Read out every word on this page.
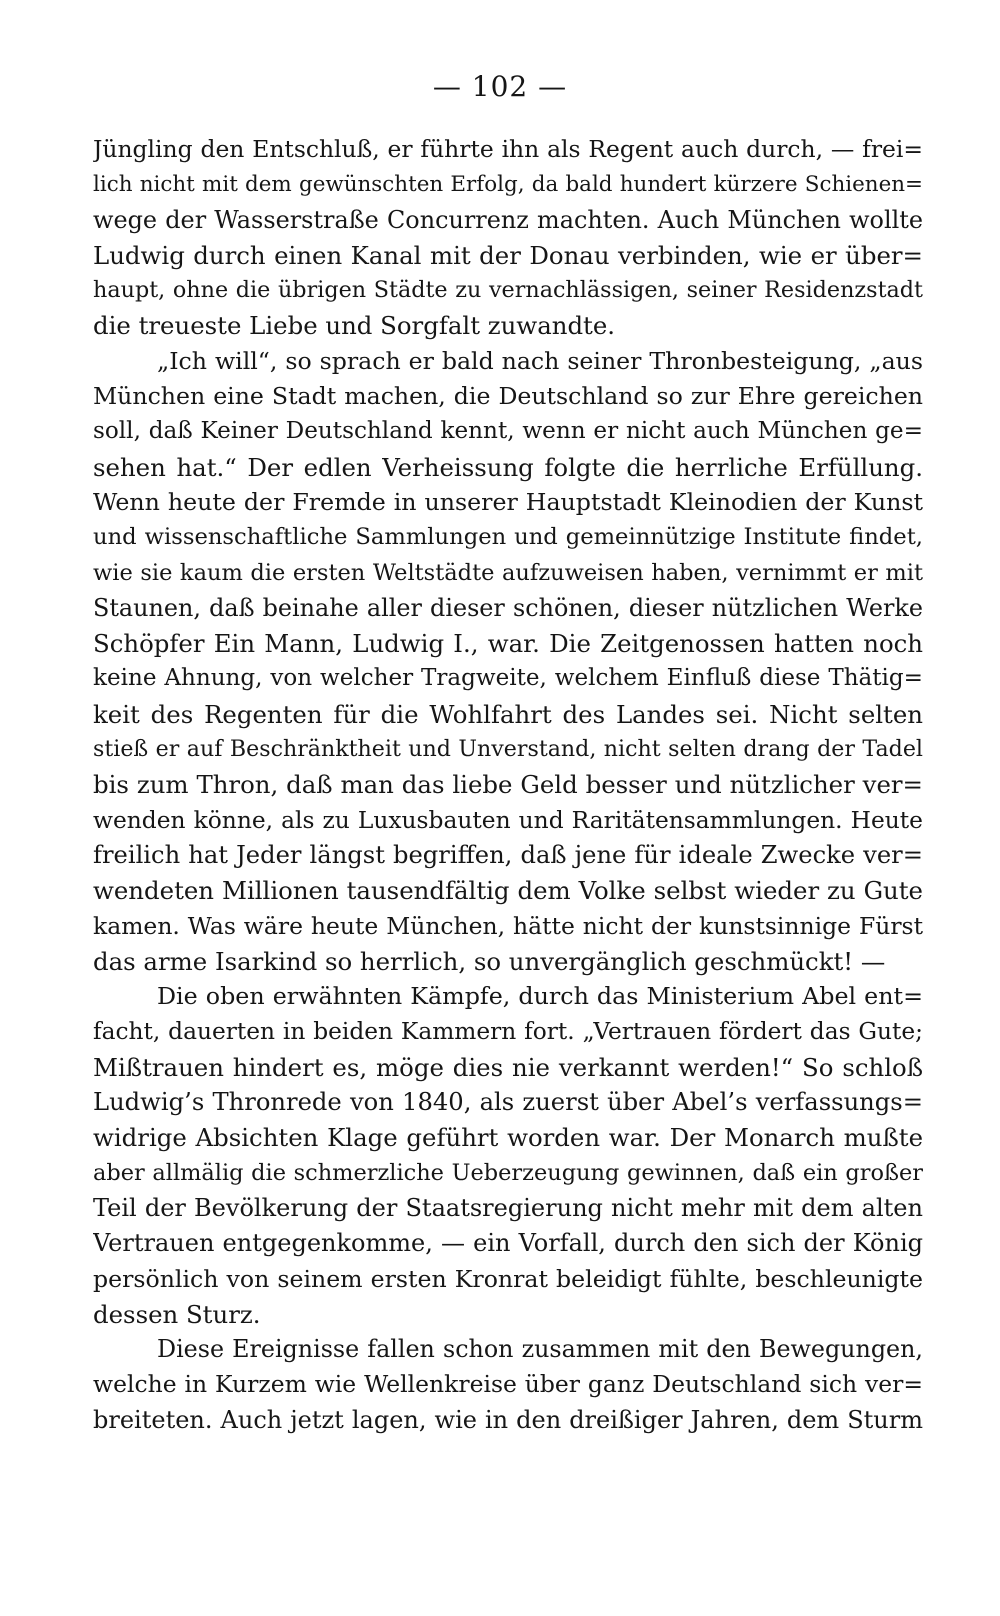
— 102 —
Jüngling den Entschluß, er führte ihn als Regent auch durch, — frei=
lich nicht mit dem gewünschten Erfolg, da bald hundert kürzere Schienen=
wege der Wasserstraße Concurrenz machten. Auch München wollte
Ludwig durch einen Kanal mit der Donau verbinden, wie er über=
haupt, ohne die übrigen Städte zu vernachlässigen, seiner Residenzstadt
die treueste Liebe und Sorgfalt zuwandte.
„Ich will“, so sprach er bald nach seiner Thronbesteigung, „aus
München eine Stadt machen, die Deutschland so zur Ehre gereichen
soll, daß Keiner Deutschland kennt, wenn er nicht auch München ge=
sehen hat.“ Der edlen Verheissung folgte die herrliche Erfüllung.
Wenn heute der Fremde in unserer Hauptstadt Kleinodien der Kunst
und wissenschaftliche Sammlungen und gemeinnützige Institute findet,
wie sie kaum die ersten Weltstädte aufzuweisen haben, vernimmt er mit
Staunen, daß beinahe aller dieser schönen, dieser nützlichen Werke
Schöpfer Ein Mann, Ludwig I., war. Die Zeitgenossen hatten noch
keine Ahnung, von welcher Tragweite, welchem Einfluß diese Thätig=
keit des Regenten für die Wohlfahrt des Landes sei. Nicht selten
stieß er auf Beschränktheit und Unverstand, nicht selten drang der Tadel
bis zum Thron, daß man das liebe Geld besser und nützlicher ver=
wenden könne, als zu Luxusbauten und Raritätensammlungen. Heute
freilich hat Jeder längst begriffen, daß jene für ideale Zwecke ver=
wendeten Millionen tausendfältig dem Volke selbst wieder zu Gute
kamen. Was wäre heute München, hätte nicht der kunstsinnige Fürst
das arme Isarkind so herrlich, so unvergänglich geschmückt! —
Die oben erwähnten Kämpfe, durch das Ministerium Abel ent=
facht, dauerten in beiden Kammern fort. „Vertrauen fördert das Gute;
Mißtrauen hindert es, möge dies nie verkannt werden!“ So schloß
Ludwig’s Thronrede von 1840, als zuerst über Abel’s verfassungs=
widrige Absichten Klage geführt worden war. Der Monarch mußte
aber allmälig die schmerzliche Ueberzeugung gewinnen, daß ein großer
Teil der Bevölkerung der Staatsregierung nicht mehr mit dem alten
Vertrauen entgegenkomme, — ein Vorfall, durch den sich der König
persönlich von seinem ersten Kronrat beleidigt fühlte, beschleunigte
dessen Sturz.
Diese Ereignisse fallen schon zusammen mit den Bewegungen,
welche in Kurzem wie Wellenkreise über ganz Deutschland sich ver=
breiteten. Auch jetzt lagen, wie in den dreißiger Jahren, dem Sturm
